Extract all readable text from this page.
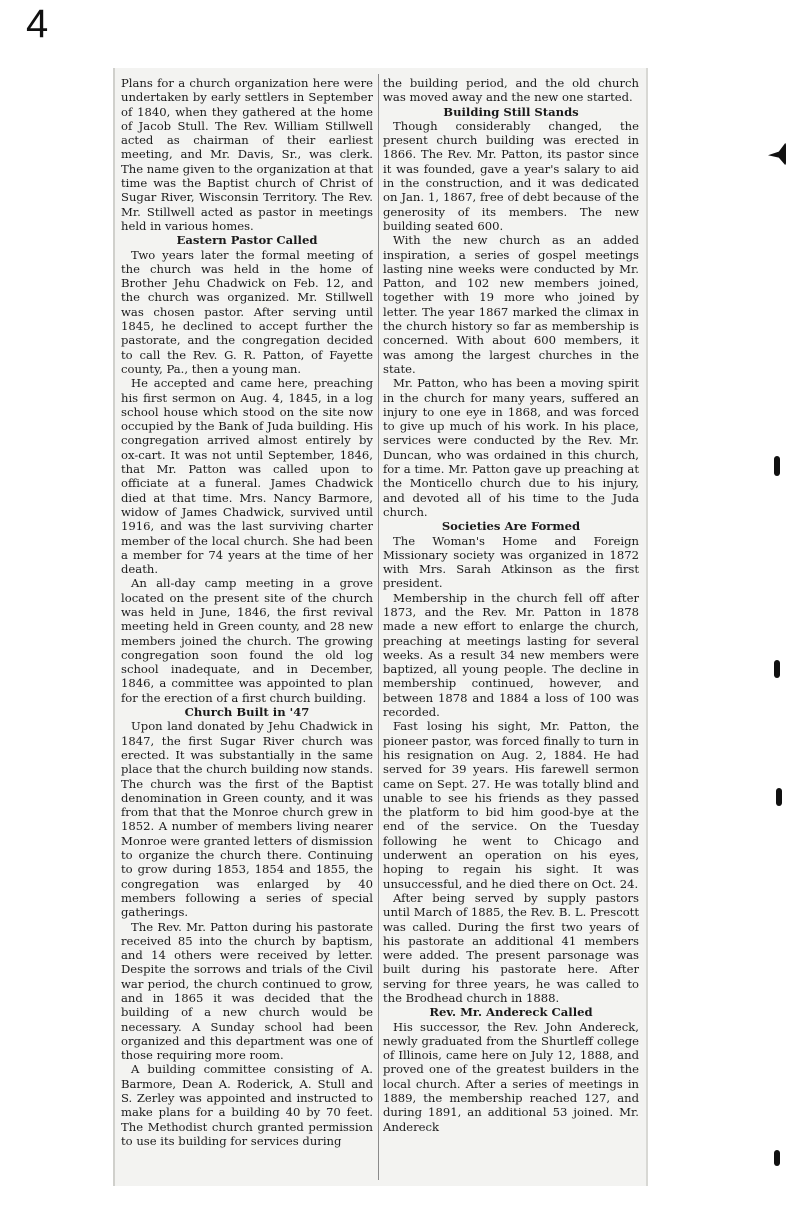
4

Plans for a church organization here were undertaken by early settlers in September of 1840, when they gathered at the home of Jacob Stull. The Rev. William Stillwell acted as chairman of their earliest meeting, and Mr. Davis, Sr., was clerk. The name given to the organization at that time was the Baptist church of Christ of Sugar River, Wisconsin Territory. The Rev. Mr. Stillwell acted as pastor in meetings held in various homes.

Eastern Pastor Called

Two years later the formal meeting of the church was held in the home of Brother Jehu Chadwick on Feb. 12, and the church was organized. Mr. Stillwell was chosen pastor. After serving until 1845, he declined to accept further the pastorate, and the congregation decided to call the Rev. G. R. Patton, of Fayette county, Pa., then a young man.

He accepted and came here, preaching his first sermon on Aug. 4, 1845, in a log school house which stood on the site now occupied by the Bank of Juda building. His congregation arrived almost entirely by ox-cart. It was not until September, 1846, that Mr. Patton was called upon to officiate at a funeral. James Chadwick died at that time. Mrs. Nancy Barmore, widow of James Chadwick, survived until 1916, and was the last surviving charter member of the local church. She had been a member for 74 years at the time of her death.

An all-day camp meeting in a grove located on the present site of the church was held in June, 1846, the first revival meeting held in Green county, and 28 new members joined the church. The growing congregation soon found the old log school inadequate, and in December, 1846, a committee was appointed to plan for the erection of a first church building.

Church Built in '47

Upon land donated by Jehu Chadwick in 1847, the first Sugar River church was erected. It was substantially in the same place that the church building now stands. The church was the first of the Baptist denomination in Green county, and it was from that that the Monroe church grew in 1852. A number of members living nearer Monroe were granted letters of dismission to organize the church there. Continuing to grow during 1853, 1854 and 1855, the congregation was enlarged by 40 members following a series of special gatherings.

The Rev. Mr. Patton during his pastorate received 85 into the church by baptism, and 14 others were received by letter. Despite the sorrows and trials of the Civil war period, the church continued to grow, and in 1865 it was decided that the building of a new church would be necessary. A Sunday school had been organized and this department was one of those requiring more room.

A building committee consisting of A. Barmore, Dean A. Roderick, A. Stull and S. Zerley was appointed and instructed to make plans for a building 40 by 70 feet. The Methodist church granted permission to use its building for services during

the building period, and the old church was moved away and the new one started.

Building Still Stands

Though considerably changed, the present church building was erected in 1866. The Rev. Mr. Patton, its pastor since it was founded, gave a year's salary to aid in the construction, and it was dedicated on Jan. 1, 1867, free of debt because of the generosity of its members. The new building seated 600.

With the new church as an added inspiration, a series of gospel meetings lasting nine weeks were conducted by Mr. Patton, and 102 new members joined, together with 19 more who joined by letter. The year 1867 marked the climax in the church history so far as membership is concerned. With about 600 members, it was among the largest churches in the state.

Mr. Patton, who has been a moving spirit in the church for many years, suffered an injury to one eye in 1868, and was forced to give up much of his work. In his place, services were conducted by the Rev. Mr. Duncan, who was ordained in this church, for a time. Mr. Patton gave up preaching at the Monticello church due to his injury, and devoted all of his time to the Juda church.

Societies Are Formed

The Woman's Home and Foreign Missionary society was organized in 1872 with Mrs. Sarah Atkinson as the first president.

Membership in the church fell off after 1873, and the Rev. Mr. Patton in 1878 made a new effort to enlarge the church, preaching at meetings lasting for several weeks. As a result 34 new members were baptized, all young people. The decline in membership continued, however, and between 1878 and 1884 a loss of 100 was recorded.

Fast losing his sight, Mr. Patton, the pioneer pastor, was forced finally to turn in his resignation on Aug. 2, 1884. He had served for 39 years. His farewell sermon came on Sept. 27. He was totally blind and unable to see his friends as they passed the platform to bid him good-bye at the end of the service. On the Tuesday following he went to Chicago and underwent an operation on his eyes, hoping to regain his sight. It was unsuccessful, and he died there on Oct. 24.

After being served by supply pastors until March of 1885, the Rev. B. L. Prescott was called. During the first two years of his pastorate an additional 41 members were added. The present parsonage was built during his pastorate here. After serving for three years, he was called to the Brodhead church in 1888.

Rev. Mr. Andereck Called

His successor, the Rev. John Andereck, newly graduated from the Shurtleff college of Illinois, came here on July 12, 1888, and proved one of the greatest builders in the local church. After a series of meetings in 1889, the membership reached 127, and during 1891, an additional 53 joined. Mr. Andereck
